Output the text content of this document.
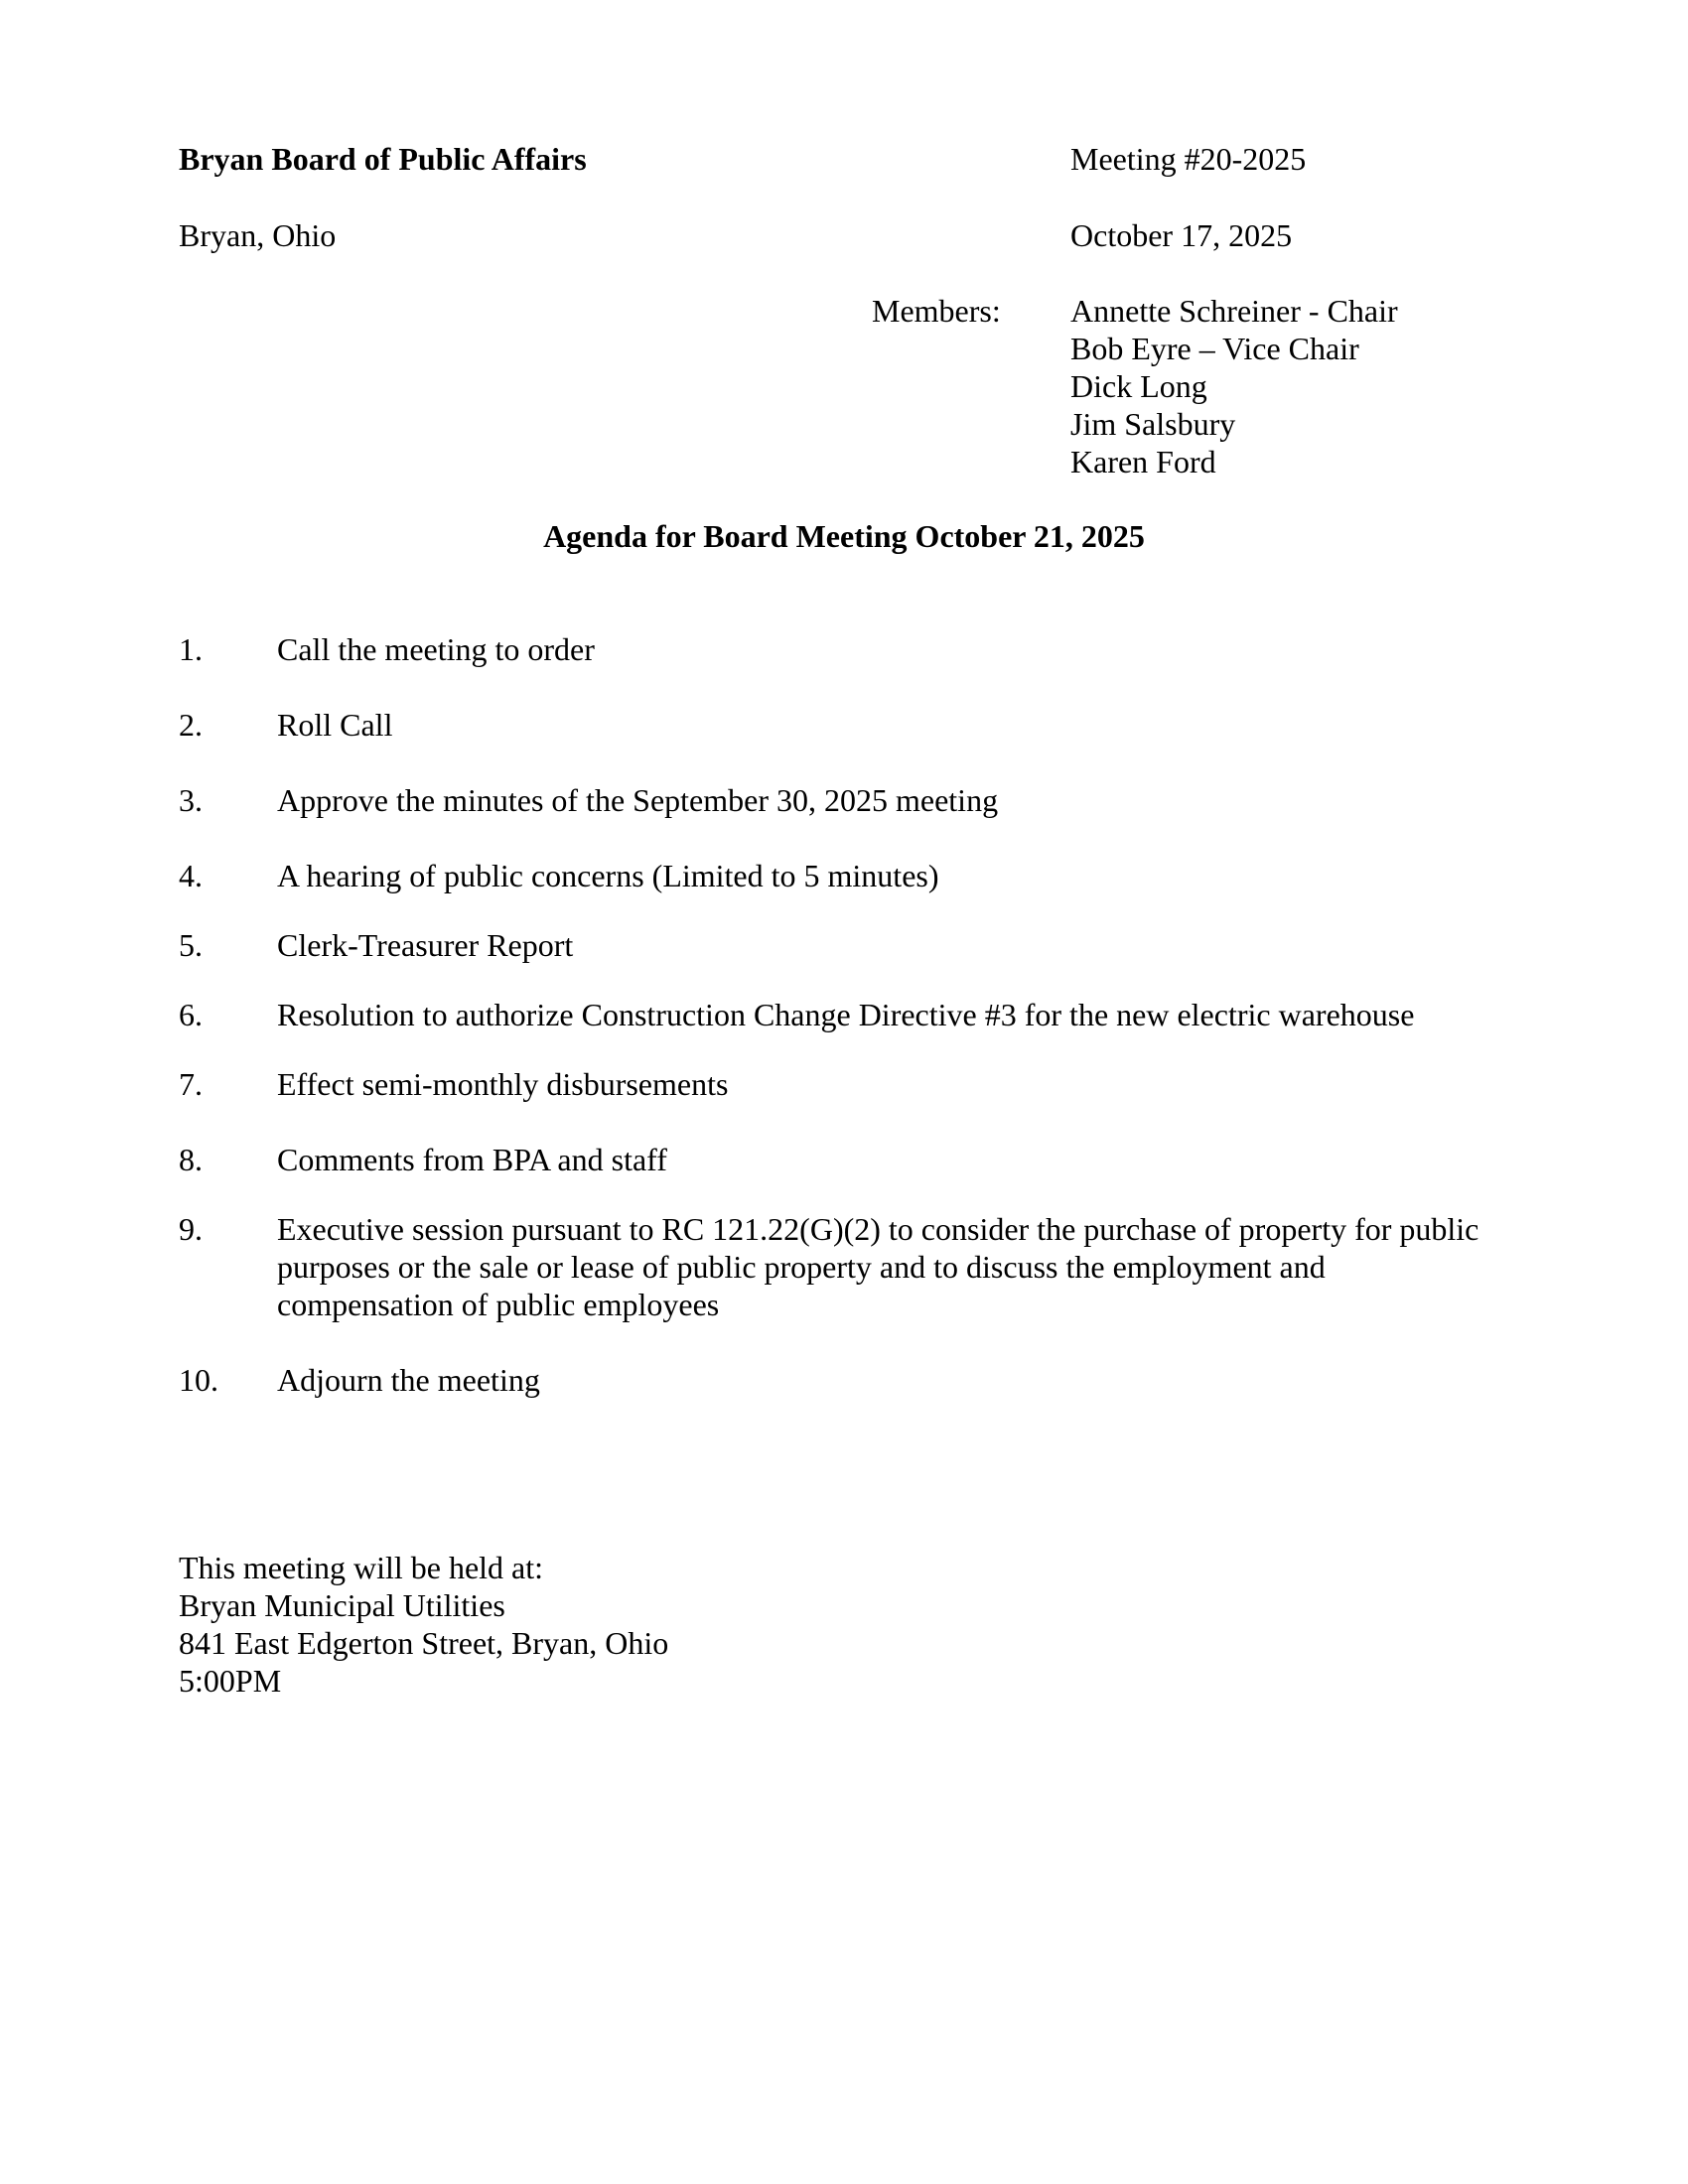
Bryan Board of Public Affairs	Meeting #20-2025
Bryan, Ohio	October 17, 2025
Members: Annette Schreiner - Chair
Bob Eyre – Vice Chair
Dick Long
Jim Salsbury
Karen Ford
Agenda for Board Meeting October 21, 2025
1. Call the meeting to order
2. Roll Call
3. Approve the minutes of the September 30, 2025 meeting
4. A hearing of public concerns (Limited to 5 minutes)
5. Clerk-Treasurer Report
6. Resolution to authorize Construction Change Directive #3 for the new electric warehouse
7. Effect semi-monthly disbursements
8. Comments from BPA and staff
9. Executive session pursuant to RC 121.22(G)(2) to consider the purchase of property for public purposes or the sale or lease of public property and to discuss the employment and compensation of public employees
10. Adjourn the meeting
This meeting will be held at:
Bryan Municipal Utilities
841 East Edgerton Street, Bryan, Ohio
5:00PM
